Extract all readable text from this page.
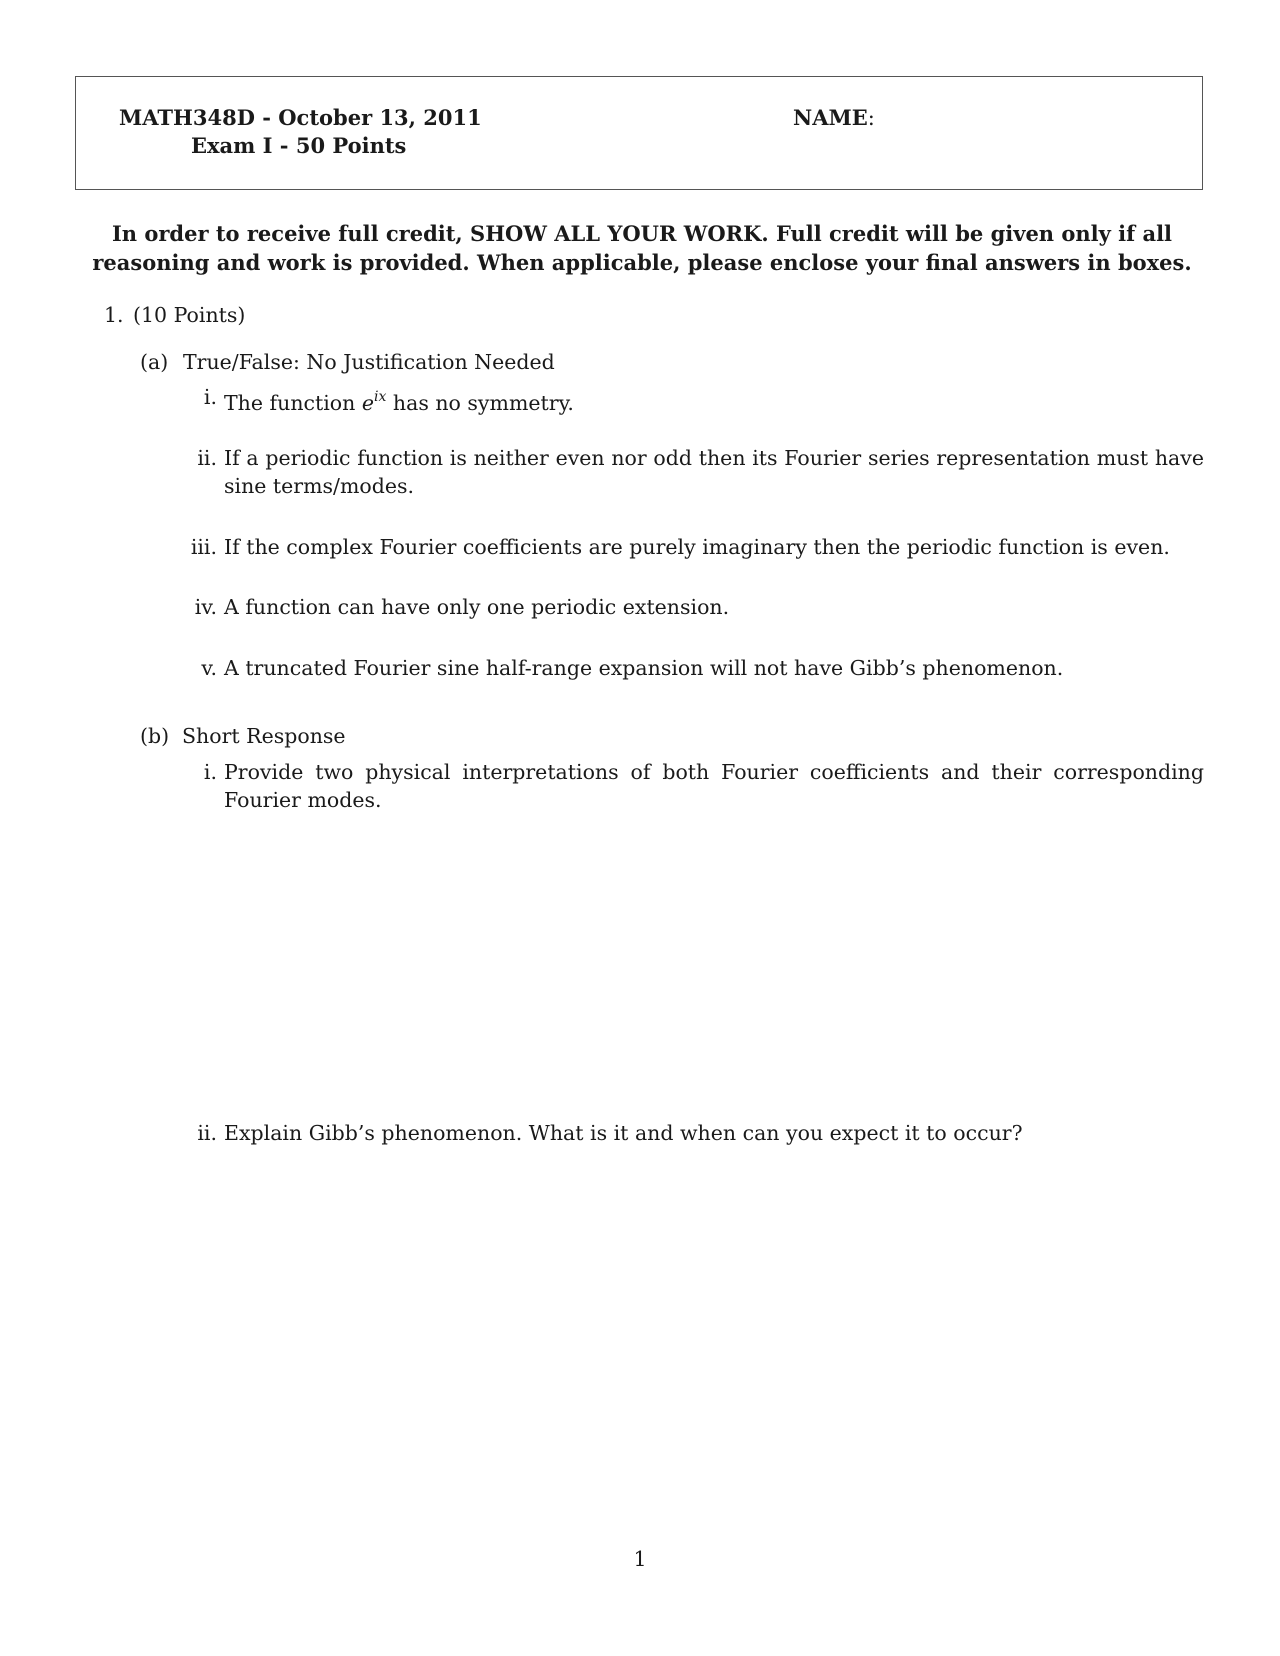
MATH348D - October 13, 2011
Exam I - 50 Points
NAME:
In order to receive full credit, SHOW ALL YOUR WORK. Full credit will be given only if all reasoning and work is provided. When applicable, please enclose your final answers in boxes.
1. (10 Points)
(a) True/False: No Justification Needed
i. The function $e^{ix}$ has no symmetry.
ii. If a periodic function is neither even nor odd then its Fourier series representation must have sine terms/modes.
iii. If the complex Fourier coefficients are purely imaginary then the periodic function is even.
iv. A function can have only one periodic extension.
v. A truncated Fourier sine half-range expansion will not have Gibb’s phenomenon.
(b) Short Response
i. Provide two physical interpretations of both Fourier coefficients and their corresponding Fourier modes.
ii. Explain Gibb’s phenomenon. What is it and when can you expect it to occur?
1
